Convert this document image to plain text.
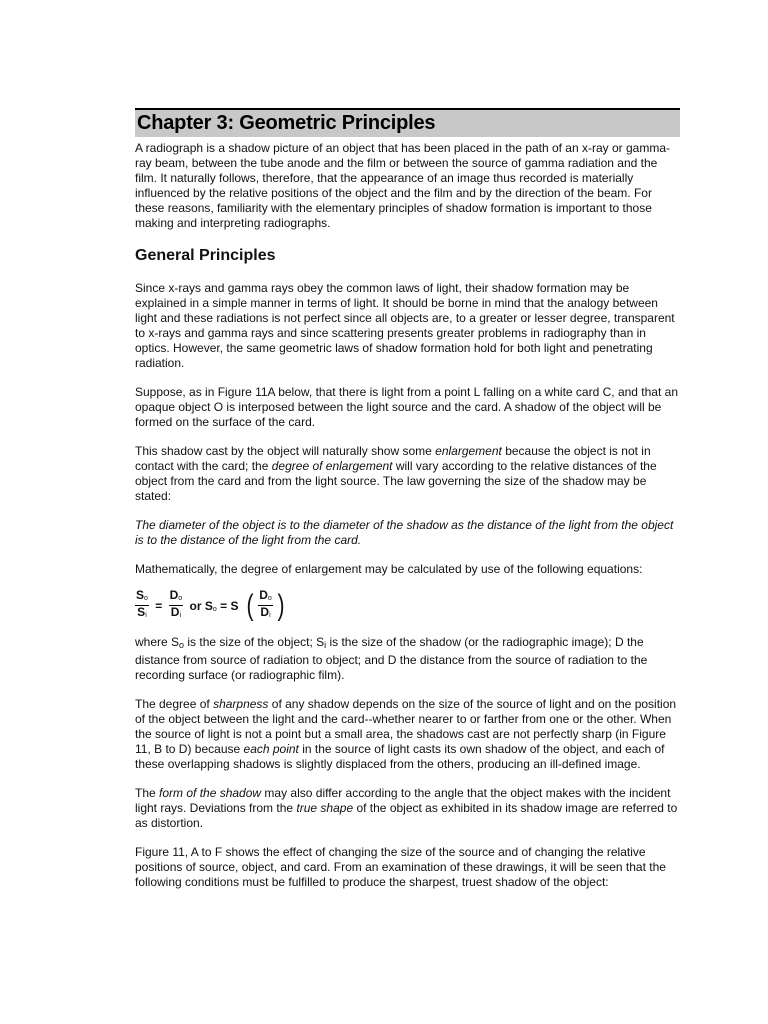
Chapter 3: Geometric Principles

A radiograph is a shadow picture of an object that has been placed in the path of an x-ray or gamma-ray beam, between the tube anode and the film or between the source of gamma radiation and the film. It naturally follows, therefore, that the appearance of an image thus recorded is materially influenced by the relative positions of the object and the film and by the direction of the beam. For these reasons, familiarity with the elementary principles of shadow formation is important to those making and interpreting radiographs.

General Principles

Since x-rays and gamma rays obey the common laws of light, their shadow formation may be explained in a simple manner in terms of light. It should be borne in mind that the analogy between light and these radiations is not perfect since all objects are, to a greater or lesser degree, transparent to x-rays and gamma rays and since scattering presents greater problems in radiography than in optics. However, the same geometric laws of shadow formation hold for both light and penetrating radiation.

Suppose, as in Figure 11A below, that there is light from a point L falling on a white card C, and that an opaque object O is interposed between the light source and the card. A shadow of the object will be formed on the surface of the card.

This shadow cast by the object will naturally show some enlargement because the object is not in contact with the card; the degree of enlargement will vary according to the relative distances of the object from the card and from the light source. The law governing the size of the shadow may be stated:

The diameter of the object is to the diameter of the shadow as the distance of the light from the object is to the distance of the light from the card.

Mathematically, the degree of enlargement may be calculated by use of the following equations:

$\frac{So}{Si} = \frac{Do}{Di}$ or So = S ( $\frac{Do}{Di}$ )

where So is the size of the object; Si is the size of the shadow (or the radiographic image); D the distance from source of radiation to object; and D the distance from the source of radiation to the recording surface (or radiographic film).

The degree of sharpness of any shadow depends on the size of the source of light and on the position of the object between the light and the card--whether nearer to or farther from one or the other. When the source of light is not a point but a small area, the shadows cast are not perfectly sharp (in Figure 11, B to D) because each point in the source of light casts its own shadow of the object, and each of these overlapping shadows is slightly displaced from the others, producing an ill-defined image.

The form of the shadow may also differ according to the angle that the object makes with the incident light rays. Deviations from the true shape of the object as exhibited in its shadow image are referred to as distortion.

Figure 11, A to F shows the effect of changing the size of the source and of changing the relative positions of source, object, and card. From an examination of these drawings, it will be seen that the following conditions must be fulfilled to produce the sharpest, truest shadow of the object:
